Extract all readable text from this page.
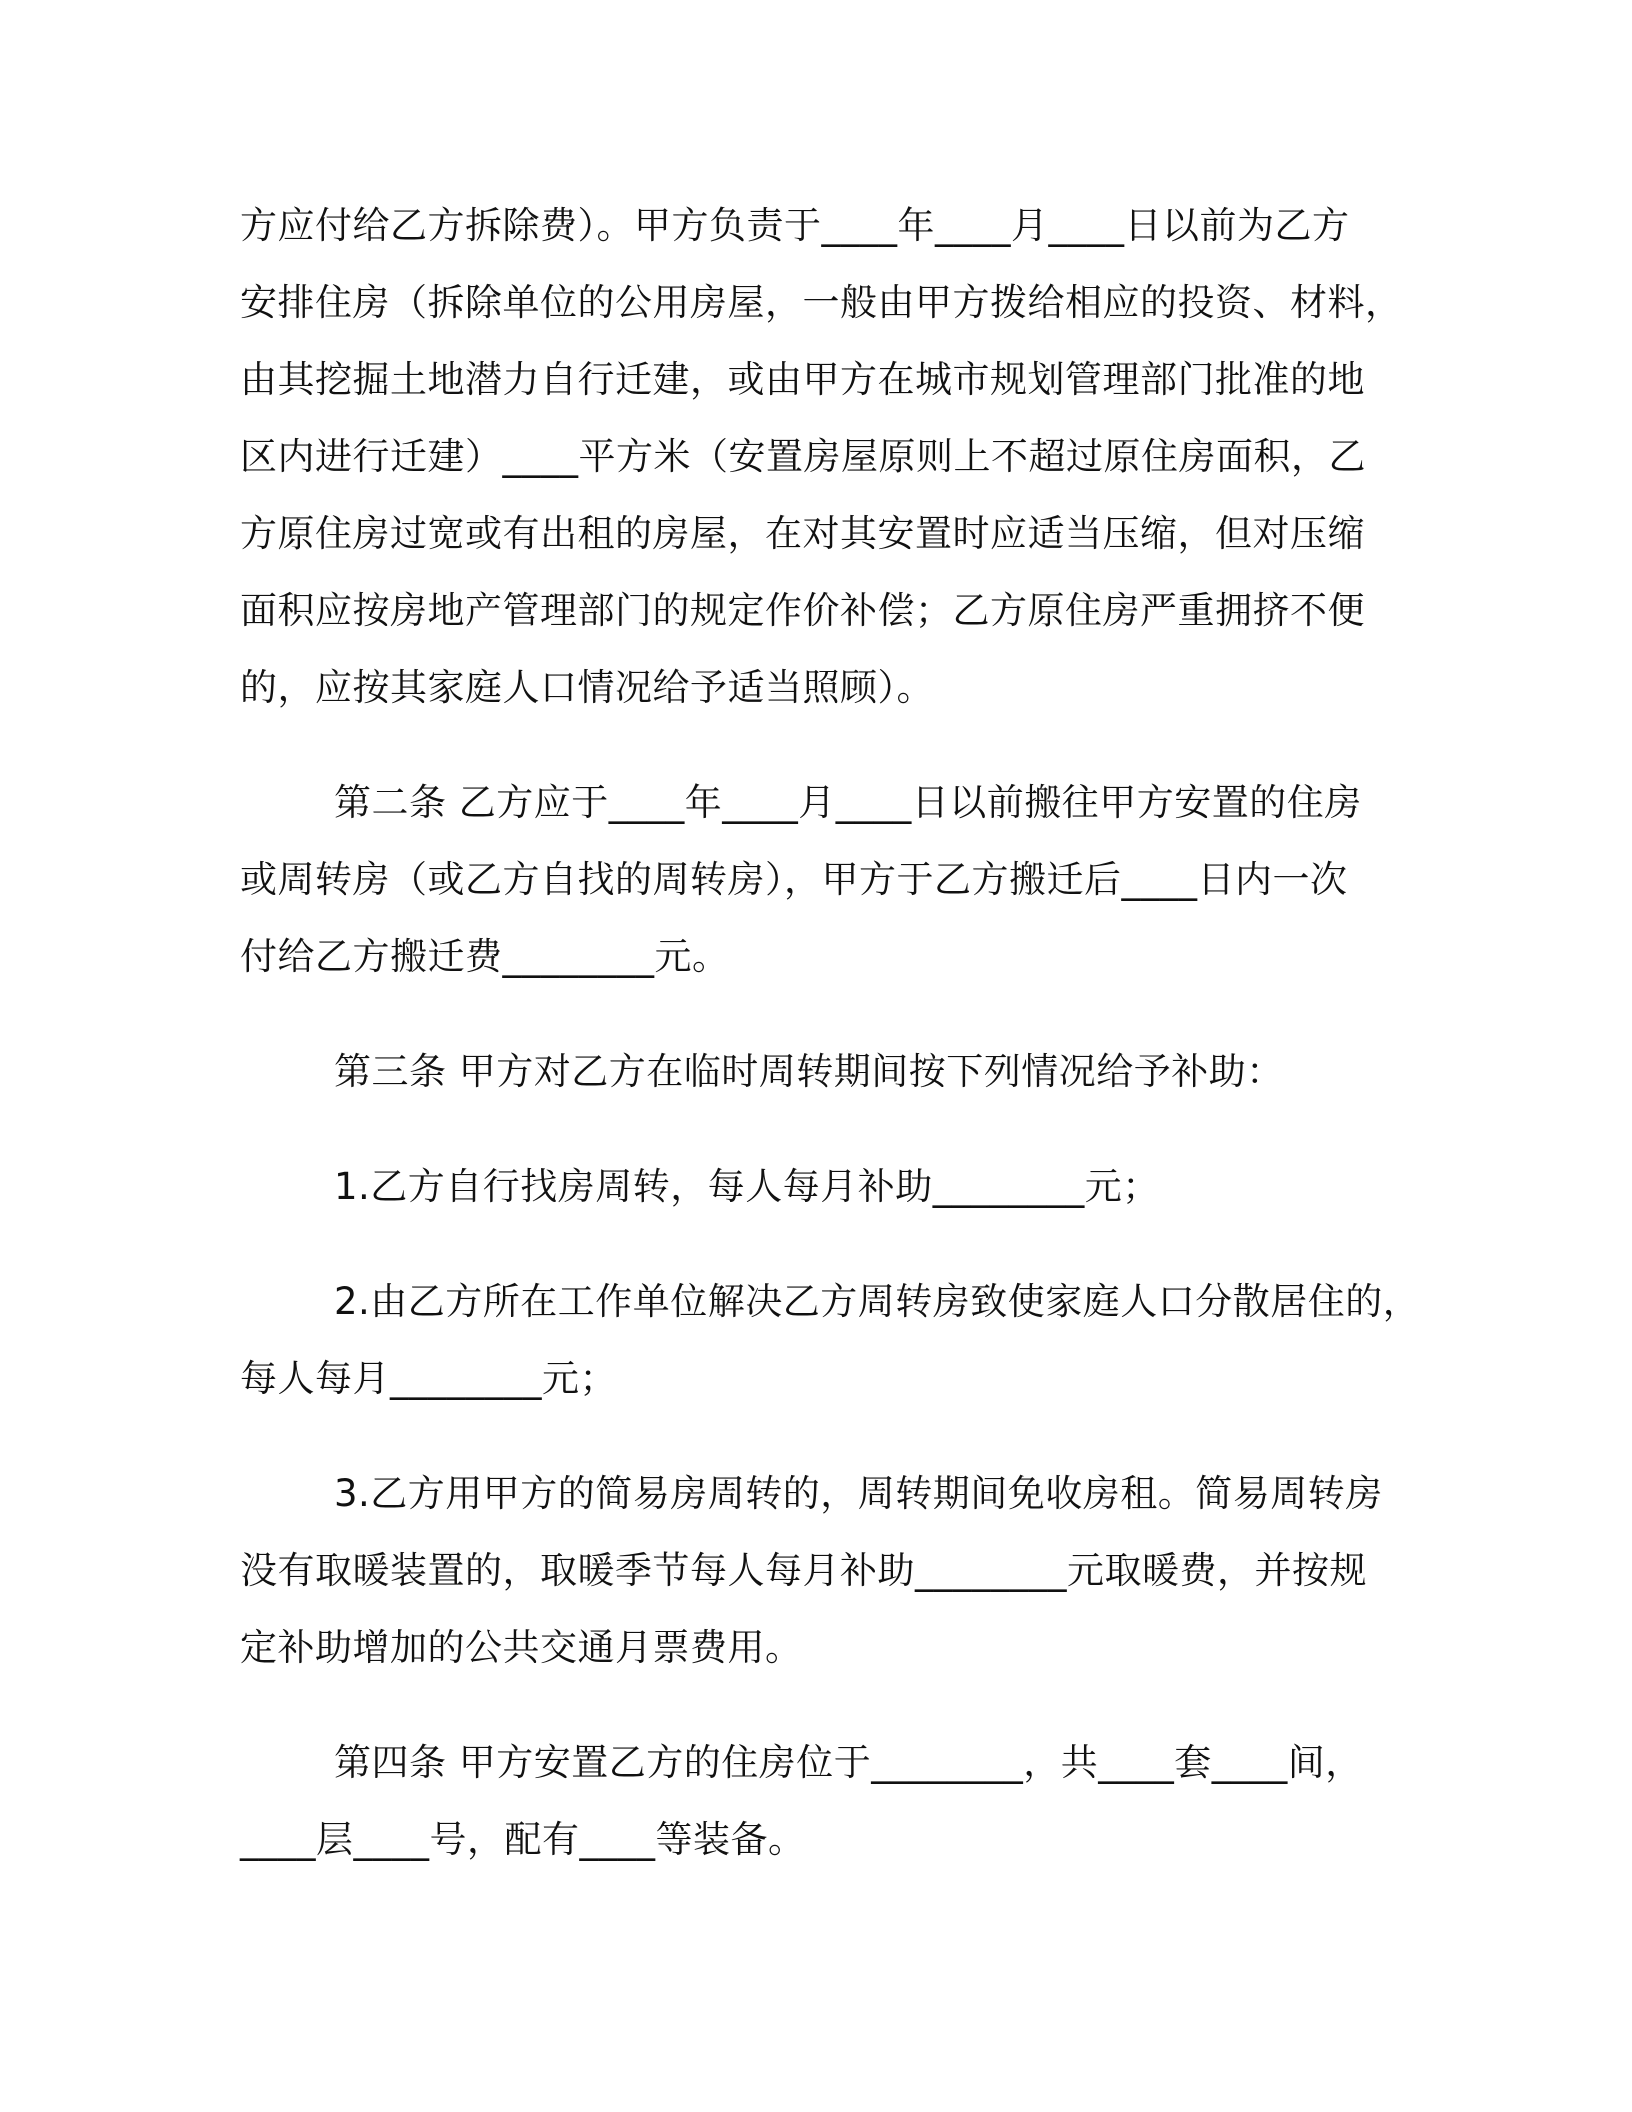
方应付给乙方拆除费）。甲方负责于____年____月____日以前为乙方
安排住房（拆除单位的公用房屋，一般由甲方拨给相应的投资、材料，
由其挖掘土地潜力自行迁建，或由甲方在城市规划管理部门批准的地
区内进行迁建）____平方米（安置房屋原则上不超过原住房面积，乙
方原住房过宽或有出租的房屋，在对其安置时应适当压缩，但对压缩
面积应按房地产管理部门的规定作价补偿；乙方原住房严重拥挤不便
的，应按其家庭人口情况给予适当照顾）。
第二条 乙方应于____年____月____日以前搬往甲方安置的住房
或周转房（或乙方自找的周转房），甲方于乙方搬迁后____日内一次
付给乙方搬迁费________元。
第三条 甲方对乙方在临时周转期间按下列情况给予补助：
1.乙方自行找房周转，每人每月补助________元；
2.由乙方所在工作单位解决乙方周转房致使家庭人口分散居住的，
每人每月________元；
3.乙方用甲方的简易房周转的，周转期间免收房租。简易周转房
没有取暖装置的，取暖季节每人每月补助________元取暖费，并按规
定补助增加的公共交通月票费用。
第四条 甲方安置乙方的住房位于________，共____套____间，
____层____号，配有____等装备。
